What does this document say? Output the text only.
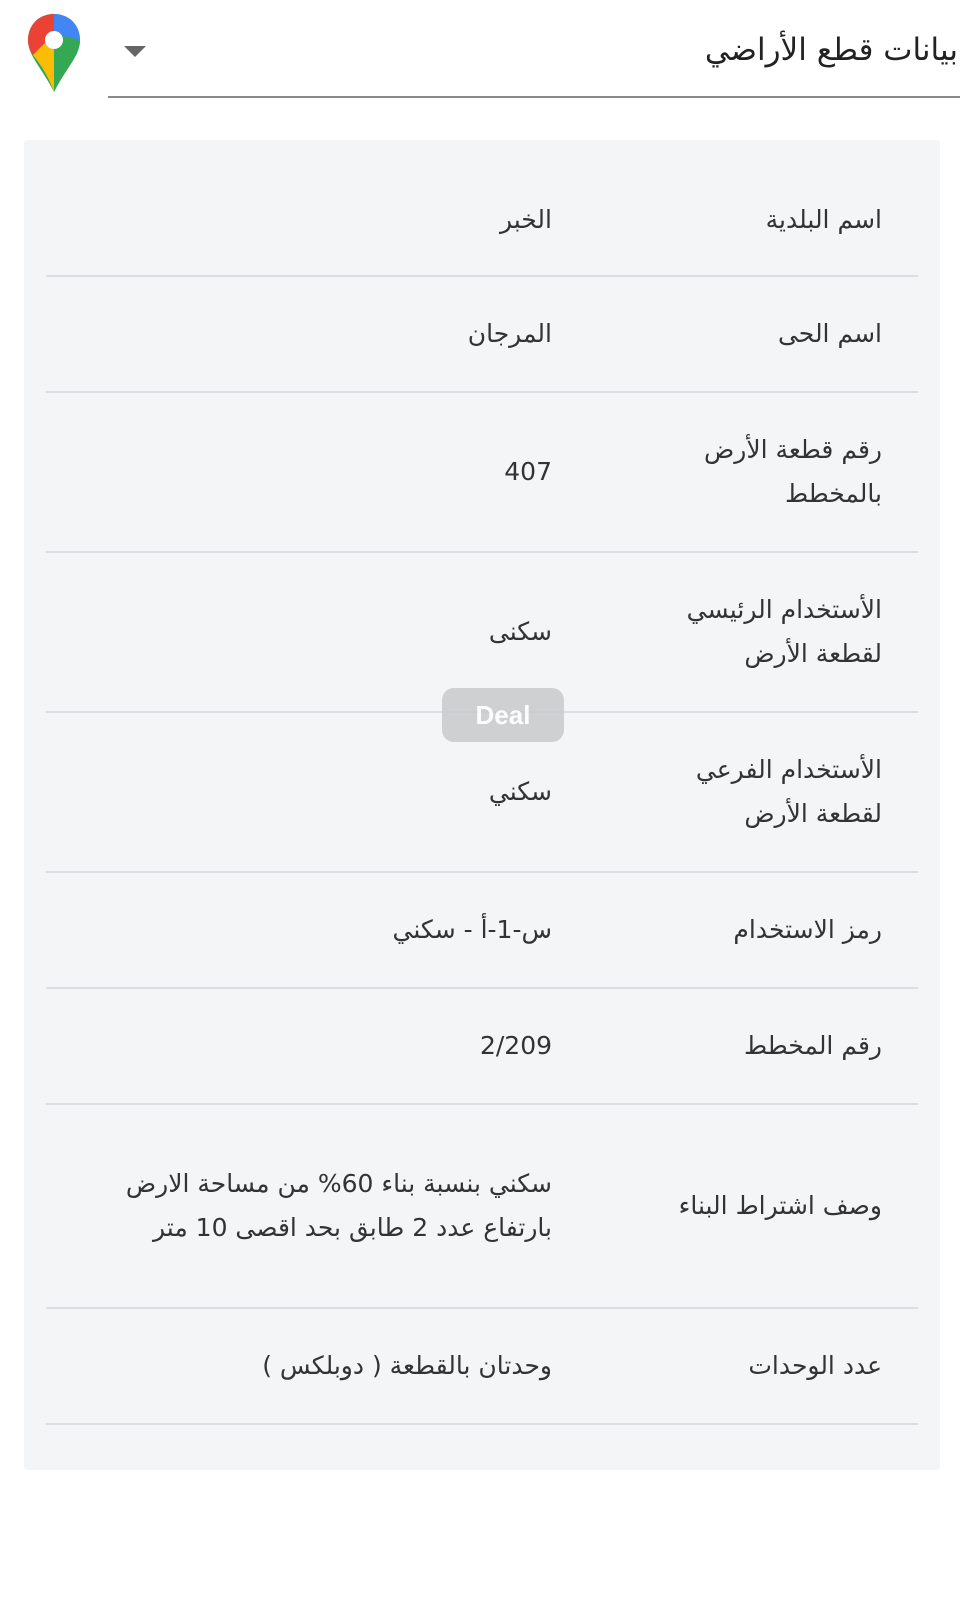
بيانات قطع الأراضي
اسم البلدية
الخبر
اسم الحى
المرجان
رقم قطعة الأرض بالمخطط
407
الأستخدام الرئيسي لقطعة الأرض
سكنى
الأستخدام الفرعي لقطعة الأرض
سكني
رمز الاستخدام
س-1-أ - سكني
رقم المخطط
2/209
وصف اشتراط البناء
سكني بنسبة بناء 60% من مساحة الارض بارتفاع عدد 2 طابق بحد اقصى 10 متر
عدد الوحدات
وحدتان بالقطعة ( دوبلكس )
Deal
